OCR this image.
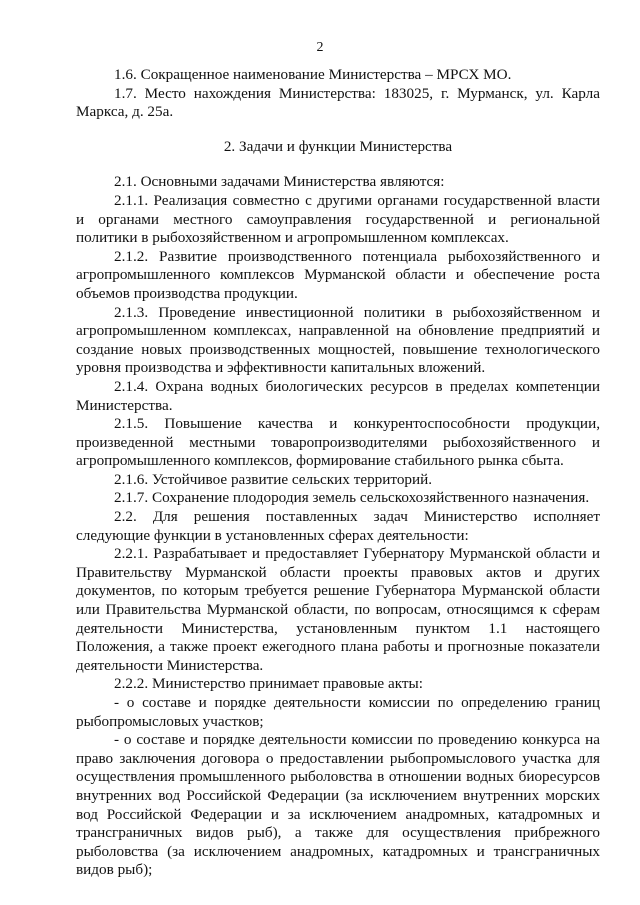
2

1.6. Сокращенное наименование Министерства – МРСХ МО.

1.7. Место нахождения Министерства: 183025, г. Мурманск, ул. Карла Маркса, д. 25а.

2. Задачи и функции Министерства

2.1. Основными задачами Министерства являются:

2.1.1. Реализация совместно с другими органами государственной власти и органами местного самоуправления государственной и региональной политики в рыбохозяйственном и агропромышленном комплексах.

2.1.2. Развитие производственного потенциала рыбохозяйственного и агропромышленного комплексов Мурманской области и обеспечение роста объемов производства продукции.

2.1.3. Проведение инвестиционной политики в рыбохозяйственном и агропромышленном комплексах, направленной на обновление предприятий и создание новых производственных мощностей, повышение технологического уровня производства и эффективности капитальных вложений.

2.1.4. Охрана водных биологических ресурсов в пределах компетенции Министерства.

2.1.5. Повышение качества и конкурентоспособности продукции, произведенной местными товаропроизводителями рыбохозяйственного и агропромышленного комплексов, формирование стабильного рынка сбыта.

2.1.6. Устойчивое развитие сельских территорий.

2.1.7. Сохранение плодородия земель сельскохозяйственного назначения.

2.2. Для решения поставленных задач Министерство исполняет следующие функции в установленных сферах деятельности:

2.2.1. Разрабатывает и предоставляет Губернатору Мурманской области и Правительству Мурманской области проекты правовых актов и других документов, по которым требуется решение Губернатора Мурманской области или Правительства Мурманской области, по вопросам, относящимся к сферам деятельности Министерства, установленным пунктом 1.1 настоящего Положения, а также проект ежегодного плана работы и прогнозные показатели деятельности Министерства.

2.2.2. Министерство принимает правовые акты:

- о составе и порядке деятельности комиссии по определению границ рыбопромысловых участков;

- о составе и порядке деятельности комиссии по проведению конкурса на право заключения договора о предоставлении рыбопромыслового участка для осуществления промышленного рыболовства в отношении водных биоресурсов внутренних вод Российской Федерации (за исключением внутренних морских вод Российской Федерации и за исключением анадромных, катадромных и трансграничных видов рыб), а также для осуществления прибрежного рыболовства (за исключением анадромных, катадромных и трансграничных видов рыб);
